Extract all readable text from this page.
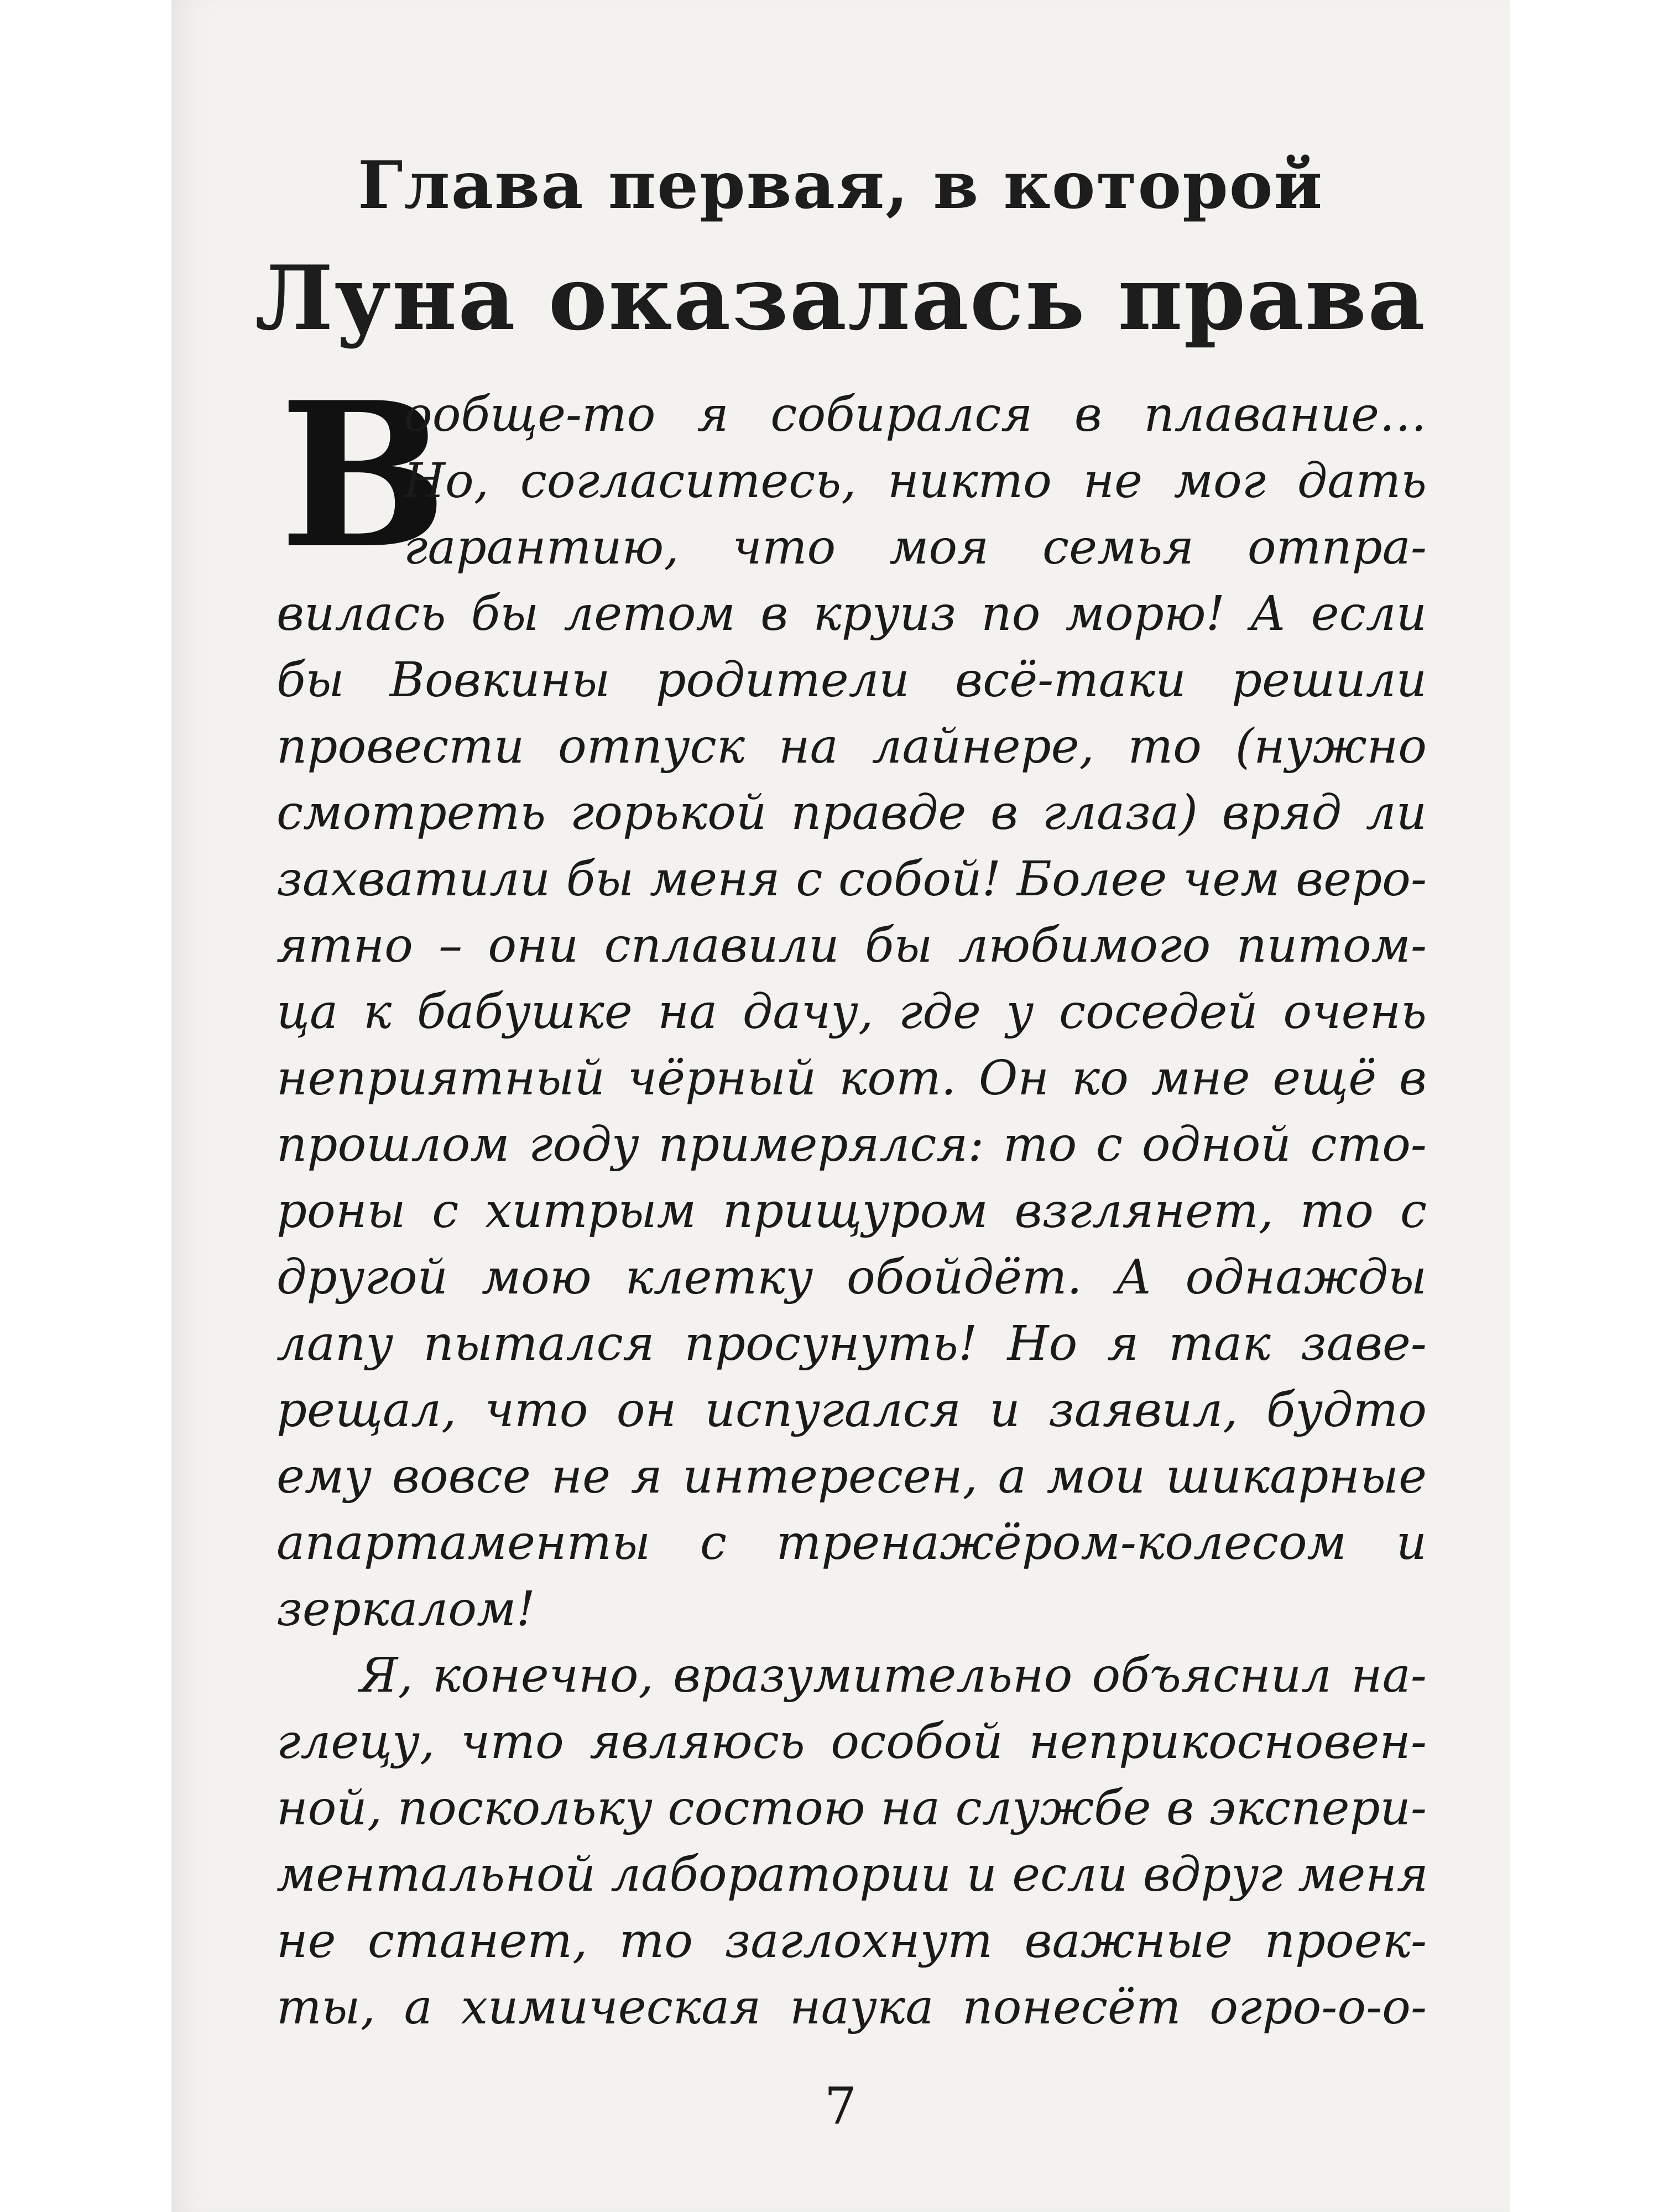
Глава первая, в которой
Луна оказалась права
В
ообще-то я собирался в плавание…
Но, согласитесь, никто не мог дать
гарантию, что моя семья отпра-
вилась бы летом в круиз по морю! А если
бы Вовкины родители всё-таки решили
провести отпуск на лайнере, то (нужно
смотреть горькой правде в глаза) вряд ли
захватили бы меня с собой! Более чем веро-
ятно – они сплавили бы любимого питом-
ца к бабушке на дачу, где у соседей очень
неприятный чёрный кот. Он ко мне ещё в
прошлом году примерялся: то с одной сто-
роны с хитрым прищуром взглянет, то с
другой мою клетку обойдёт. А однажды
лапу пытался просунуть! Но я так заве-
рещал, что он испугался и заявил, будто
ему вовсе не я интересен, а мои шикарные
апартаменты с тренажёром-колесом и
зеркалом!
Я, конечно, вразумительно объяснил на-
глецу, что являюсь особой неприкосновен-
ной, поскольку состою на службе в экспери-
ментальной лаборатории и если вдруг меня
не станет, то заглохнут важные проек-
ты, а химическая наука понесёт огро-о-о-
7
